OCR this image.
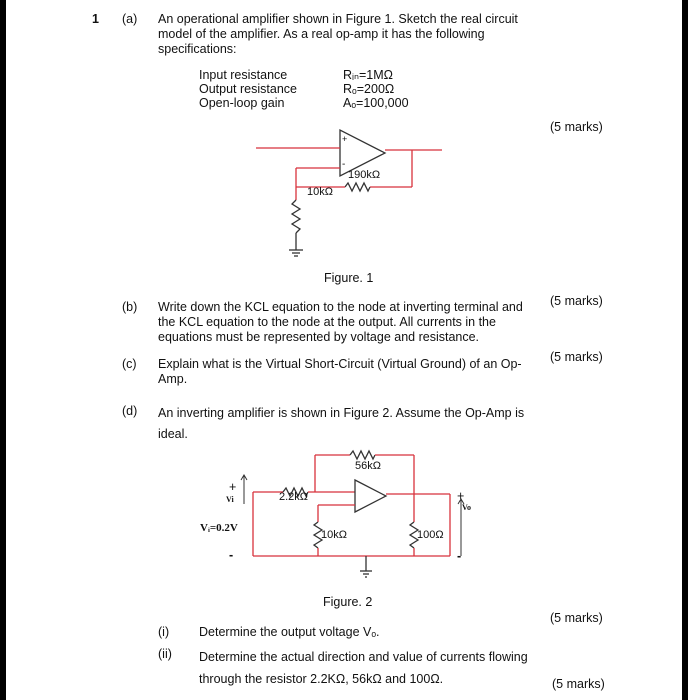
1 (a) An operational amplifier shown in Figure 1. Sketch the real circuit model of the amplifier. As a real op-amp it has the following specifications:
Input resistance	Rᵢₙ=1MΩ
Output resistance	Rₒ=200Ω
Open-loop gain	Aₒ=100,000
(5 marks)
+
-
190kΩ
10kΩ
Figure. 1
(b) Write down the KCL equation to the node at inverting terminal and the KCL equation to the node at the output. All currents in the equations must be represented by voltage and resistance.
(5 marks)
(c) Explain what is the Virtual Short-Circuit (Virtual Ground) of an Op-Amp.
(5 marks)
(d) An inverting amplifier is shown in Figure 2. Assume the Op-Amp is ideal.
+
Vi
Vᵢ=0.2V
-
56kΩ
2.2kΩ
10kΩ	100Ω
+
Vo
-
Figure. 2
(i) Determine the output voltage Vₒ.
(5 marks)
(ii) Determine the actual direction and value of currents flowing through the resistor 2.2KΩ, 56kΩ and 100Ω.	(5 marks)
